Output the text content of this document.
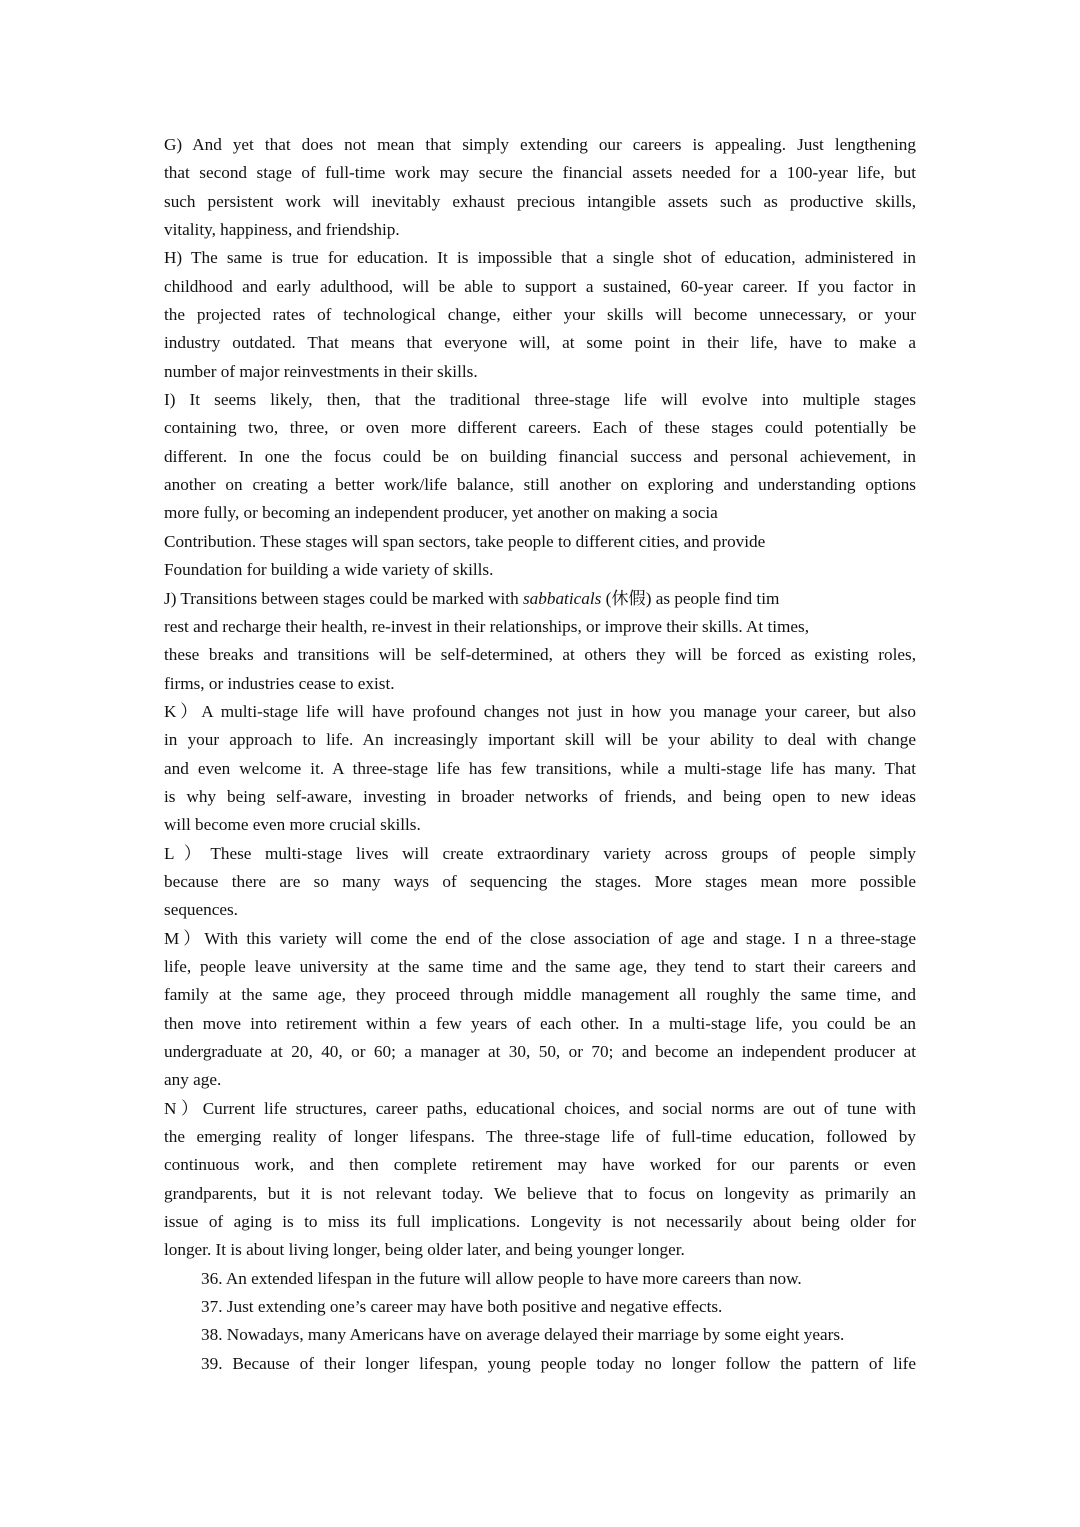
G) And yet that does not mean that simply extending our careers is appealing. Just lengthening
that second stage of full-time work may secure the financial assets needed for a 100-year life, but
such persistent work will inevitably exhaust precious intangible assets such as productive skills,
vitality, happiness, and friendship.
H) The same is true for education. It is impossible that a single shot of education, administered in
childhood and early adulthood, will be able to support a sustained, 60-year career. If you factor in
the projected rates of technological change, either your skills will become unnecessary, or your
industry outdated. That means that everyone will, at some point in their life, have to make a
number of major reinvestments in their skills.
I) It seems likely, then, that the traditional three-stage life will evolve into multiple stages
containing two, three, or oven more different careers. Each of these stages could potentially be
different. In one the focus could be on building financial success and personal achievement, in
another on creating a better work/life balance, still another on exploring and understanding options
more fully, or becoming an independent producer, yet another on making a socia
Contribution. These stages will span sectors, take people to different cities, and provide
Foundation for building a wide variety of skills.
J) Transitions between stages could be marked with sabbaticals (休假) as people find tim
rest and recharge their health, re-invest in their relationships, or improve their skills. At times,
these breaks and transitions will be self-determined, at others they will be forced as existing roles,
firms, or industries cease to exist.
K）A multi-stage life will have profound changes not just in how you manage your career, but also
in your approach to life. An increasingly important skill will be your ability to deal with change
and even welcome it. A three-stage life has few transitions, while a multi-stage life has many. That
is why being self-aware, investing in broader networks of friends, and being open to new ideas
will become even more crucial skills.
L）These multi-stage lives will create extraordinary variety across groups of people simply
because there are so many ways of sequencing the stages. More stages mean more possible
sequences.
M）With this variety will come the end of the close association of age and stage. I n a three-stage
life, people leave university at the same time and the same age, they tend to start their careers and
family at the same age, they proceed through middle management all roughly the same time, and
then move into retirement within a few years of each other. In a multi-stage life, you could be an
undergraduate at 20, 40, or 60; a manager at 30, 50, or 70; and become an independent producer at
any age.
N）Current life structures, career paths, educational choices, and social norms are out of tune with
the emerging reality of longer lifespans. The three-stage life of full-time education, followed by
continuous work, and then complete retirement may have worked for our parents or even
grandparents, but it is not relevant today. We believe that to focus on longevity as primarily an
issue of aging is to miss its full implications. Longevity is not necessarily about being older for
longer. It is about living longer, being older later, and being younger longer.

36. An extended lifespan in the future will allow people to have more careers than now.

37. Just extending one’s career may have both positive and negative effects.

38. Nowadays, many Americans have on average delayed their marriage by some eight years.

39. Because of their longer lifespan, young people today no longer follow the pattern of life
